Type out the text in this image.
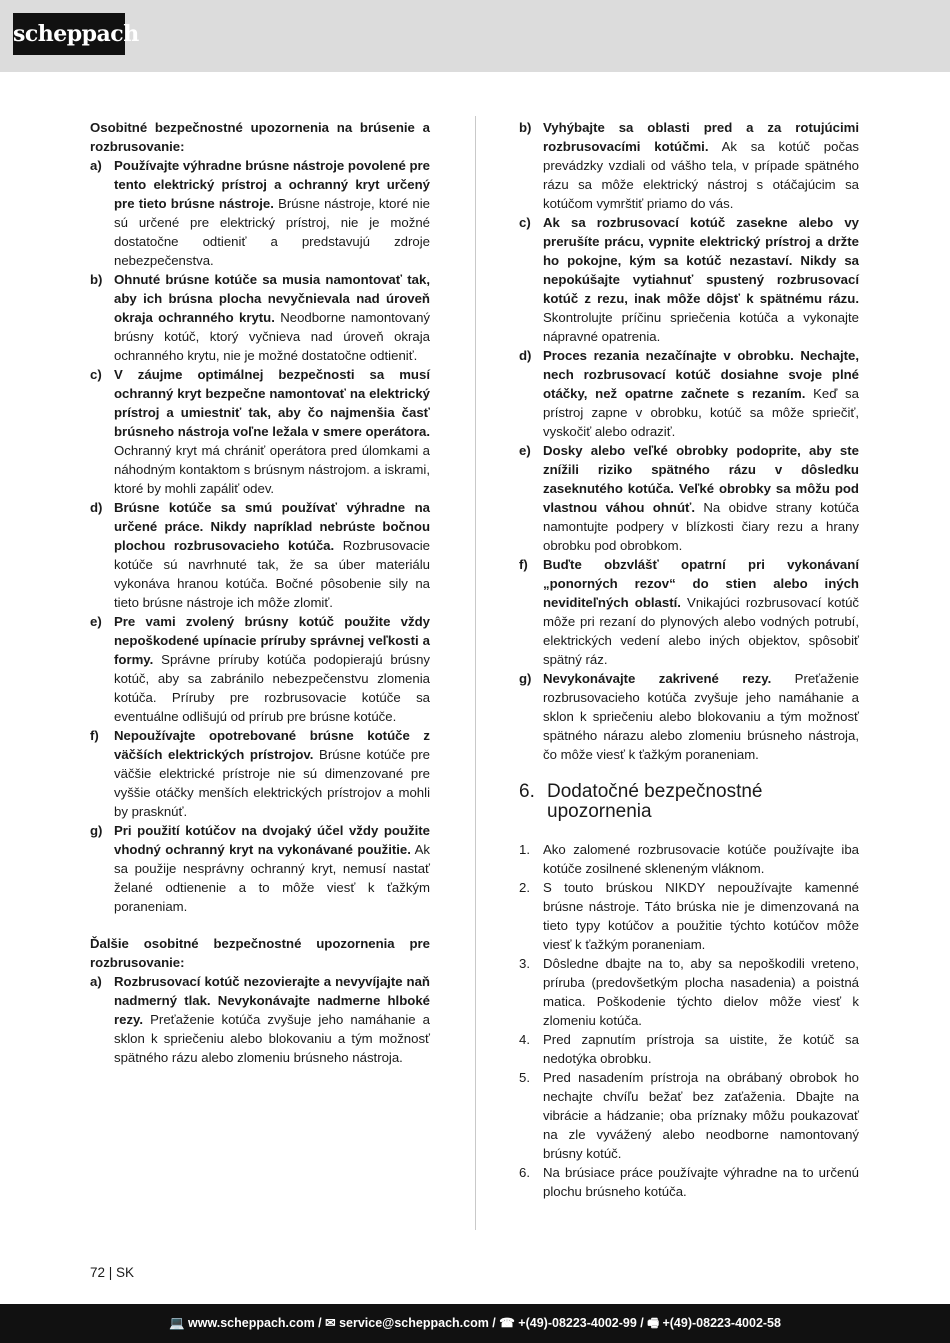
scheppach
Osobitné bezpečnostné upozornenia na brúsenie a rozbrusovanie:
a) Používajte výhradne brúsne nástroje povolené pre tento elektrický prístroj a ochranný kryt určený pre tieto brúsne nástroje. Brúsne nástroje, ktoré nie sú určené pre elektrický prístroj, nie je možné dostatočne odtieniť a predstavujú zdroje nebezpečenstva.
b) Ohnuté brúsne kotúče sa musia namontovať tak, aby ich brúsna plocha nevyčnievala nad úroveň okraja ochranného krytu. Neodborne namontovaný brúsny kotúč, ktorý vyčnieva nad úroveň okraja ochranného krytu, nie je možné dostatočne odtieniť.
c) V záujme optimálnej bezpečnosti sa musí ochranný kryt bezpečne namontovať na elektrický prístroj a umiestniť tak, aby čo najmenšia časť brúsneho nástroja voľne ležala v smere operátora. Ochranný kryt má chrániť operátora pred úlomkami a náhodným kontaktom s brúsnym nástrojom. a iskrami, ktoré by mohli zapáliť odev.
d) Brúsne kotúče sa smú používať výhradne na určené práce. Nikdy napríklad nebrúste bočnou plochou rozbrusovacieho kotúča. Rozbrusovacie kotúče sú navrhnuté tak, že sa úber materiálu vykonáva hranou kotúča. Bočné pôsobenie sily na tieto brúsne nástroje ich môže zlomiť.
e) Pre vami zvolený brúsny kotúč použite vždy nepoškodené upínacie príruby správnej veľkosti a formy. Správne príruby kotúča podopierajú brúsny kotúč, aby sa zabránilo nebezpečenstvu zlomenia kotúča. Príruby pre rozbrusovacie kotúče sa eventuálne odlišujú od prírub pre brúsne kotúče.
f)	Nepoužívajte opotrebované brúsne kotúče z väčších elektrických prístrojov. Brúsne kotúče pre väčšie elektrické prístroje nie sú dimenzované pre vyššie otáčky menších elektrických prístrojov a mohli by prasknúť.
g) Pri použití kotúčov na dvojaký účel vždy použite vhodný ochranný kryt na vykonávané použitie. Ak sa použije nesprávny ochranný kryt, nemusí nastať želané odtienenie a to môže viesť k ťažkým poraneniam.
Ďalšie osobitné bezpečnostné upozornenia pre rozbrusovanie:
a) Rozbrusovací kotúč nezovierajte a nevyvíjajte naň nadmerný tlak. Nevykonávajte nadmerne hlboké rezy. Preťaženie kotúča zvyšuje jeho namáhanie a sklon k spriečeniu alebo blokovaniu a tým možnosť spätného rázu alebo zlomeniu brúsneho nástroja.
b) Vyhýbajte sa oblasti pred a za rotujúcimi rozbrusovacími kotúčmi. Ak sa kotúč počas prevádzky vzdiali od vášho tela, v prípade spätného rázu sa môže elektrický nástroj s otáčajúcim sa kotúčom vymrštiť priamo do vás.
c) Ak sa rozbrusovací kotúč zasekne alebo vy prerušíte prácu, vypnite elektrický prístroj a držte ho pokojne, kým sa kotúč nezastaví. Nikdy sa nepokúšajte vytiahnuť spustený rozbrusovací kotúč z rezu, inak môže dôjsť k spätnému rázu. Skontrolujte príčinu spriečenia kotúča a vykonajte nápravné opatrenia.
d) Proces rezania nezačínajte v obrobku. Nechajte, nech rozbrusovací kotúč dosiahne svoje plné otáčky, než opatrne začnete s rezaním. Keď sa prístroj zapne v obrobku, kotúč sa môže spriečiť, vyskočiť alebo odraziť.
e) Dosky alebo veľké obrobky podoprite, aby ste znížili riziko spätného rázu v dôsledku zaseknutého kotúča. Veľké obrobky sa môžu pod vlastnou váhou ohnúť. Na obidve strany kotúča namontujte podpery v blízkosti čiary rezu a hrany obrobku pod obrobkom.
f)	Buďte obzvlášť opatrní pri vykonávaní „ponorných rezov“ do stien alebo iných neviditeľných oblastí. Vnikajúci rozbrusovací kotúč môže pri rezaní do plynových alebo vodných potrubí, elektrických vedení alebo iných objektov, spôsobiť spätný ráz.
g) Nevykonávajte zakrivené rezy. Preťaženie rozbrusovacieho kotúča zvyšuje jeho namáhanie a sklon k spriečeniu alebo blokovaniu a tým možnosť spätného nárazu alebo zlomeniu brúsneho nástroja, čo môže viesť k ťažkým poraneniam.
6. Dodatočné bezpečnostné upozornenia
1. Ako zalomené rozbrusovacie kotúče používajte iba kotúče zosilnené skleneným vláknom.
2. S touto brúskou NIKDY nepoužívajte kamenné brúsne nástroje. Táto brúska nie je dimenzovaná na tieto typy kotúčov a použitie týchto kotúčov môže viesť k ťažkým poraneniam.
3. Dôsledne dbajte na to, aby sa nepoškodili vreteno, príruba (predovšetkým plocha nasadenia) a poistná matica. Poškodenie týchto dielov môže viesť k zlomeniu kotúča.
4. Pred zapnutím prístroja sa uistite, že kotúč sa nedotýka obrobku.
5. Pred nasadením prístroja na obrábaný obrobok ho nechajte chvíľu bežať bez zaťaženia. Dbajte na vibrácie a hádzanie; oba príznaky môžu poukazovať na zle vyvážený alebo neodborne namontovaný brúsny kotúč.
6. Na brúsiace práce používajte výhradne na to určenú plochu brúsneho kotúča.
72 | SK
💻 www.scheppach.com / ✉ service@scheppach.com / ☎ +(49)-08223-4002-99 / 🖷 +(49)-08223-4002-58
